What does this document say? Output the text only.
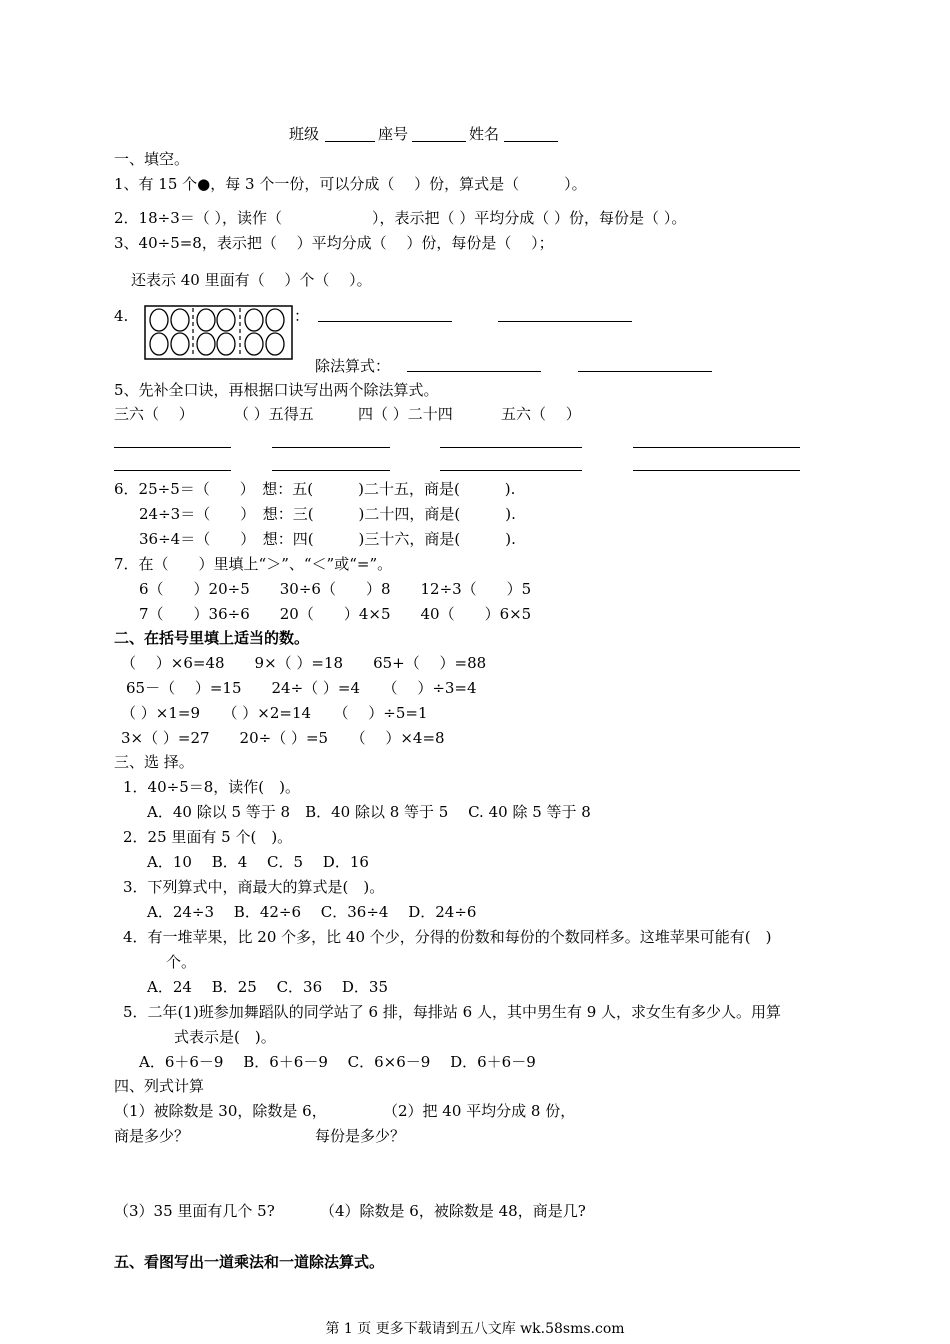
班级	座号	姓名
一、填空。
1、有 15 个●，每 3 个一份，可以分成（　 ）份，算式是（　　　）。
2．18÷3＝（ ），读作（　　　　　　），表示把（ ）平均分成（ ）份，每份是（ ）。
3、40÷5=8，表示把（　 ）平均分成（　 ）份，每份是（　 ）；
还表示 40 里面有（　 ）个（　 ）。
4.	：
除法算式：
5、先补全口诀，再根据口诀写出两个除法算式。
三六（　 ）	（ ）五得五	四（ ）二十四	五六（　 ）
6．25÷5＝（　　）　想：五(　　　)二十五，商是(　　　).
24÷3＝（　　）　想：三(　　　)二十四，商是(　　　).
36÷4＝（　　）　想：四(　　　)三十六，商是(　　　).
7．在（　　）里填上“＞”、“＜”或“=”。
6（　　）20÷5　　30÷6（　　）8　　12÷3（　　）5
7（　　）36÷6　　20（　　）4×5　　40（　　）6×5
二、在括号里填上适当的数。
（　 ）×6=48　　9×（ ）=18　　65+（　 ）=88
65－（　 ）=15　　24÷（ ）=4　　（　 ）÷3=4
（ ）×1=9　　（ ）×2=14　　（　 ）÷5=1
3×（ ）=27　　20÷（ ）=5　　（　 ）×4=8
三、选 择。
1．40÷5＝8，读作(　)。
A．40 除以 5 等于 8　B．40 除以 8 等于 5　 C. 40 除 5 等于 8
2．25 里面有 5 个(　)。
A．10　 B．4　 C．5　 D．16
3．下列算式中，商最大的算式是(　)。
A．24÷3　 B．42÷6　 C．36÷4　 D．24÷6
4．有一堆苹果，比 20 个多，比 40 个少，分得的份数和每份的个数同样多。这堆苹果可能有(　)
个。
A．24　 B．25　 C．36　 D．35
5．二年(1)班参加舞蹈队的同学站了 6 排，每排站 6 人，其中男生有 9 人，求女生有多少人。用算
式表示是(　)。
A．6＋6－9　 B．6＋6－9　 C．6×6－9　 D．6＋6－9
四、列式计算
（1）被除数是 30，除数是 6，	（2）把 40 平均分成 8 份，
商是多少？	每份是多少？
（3）35 里面有几个 5?	（4）除数是 6，被除数是 48，商是几?
五、看图写出一道乘法和一道除法算式。
第 1 页 更多下载请到五八文库 wk.58sms.com
